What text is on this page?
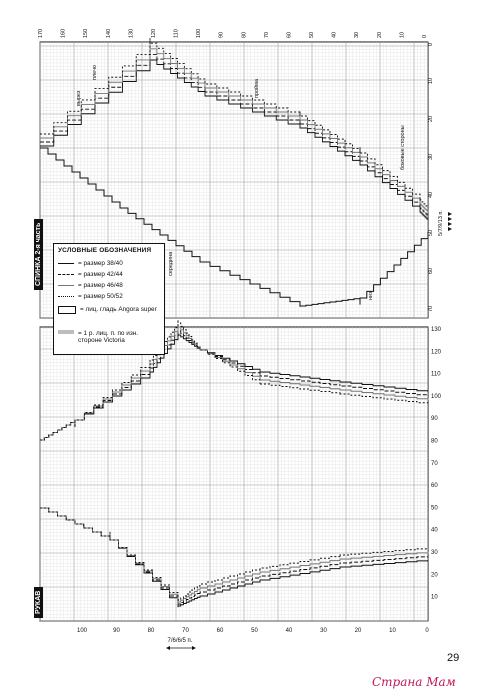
170	160	150	140	130	120	110	100	90	80	70	60	50	40	30	20	10	0
0
10
20
30
40
50
60
70
100	90	80	70	60	50	40	30	20	10	0
130
120
110
100
90
80
70
60
50
40
30
20
10
плечо
вырез
пройма
боковые стороны
низ
середина
5/7/9/13 п.
7/6/6/5 п.
СПИНКА 2-я часть
РУКАВ
УСЛОВНЫЕ ОБОЗНАЧЕНИЯ
= размер 38/40
= размер 42/44
= размер 46/48
= размер 50/52
= лиц. гладь Angora super
= 1 р. лиц. п. по изн. стороне Victoria
29
Страна Мам
